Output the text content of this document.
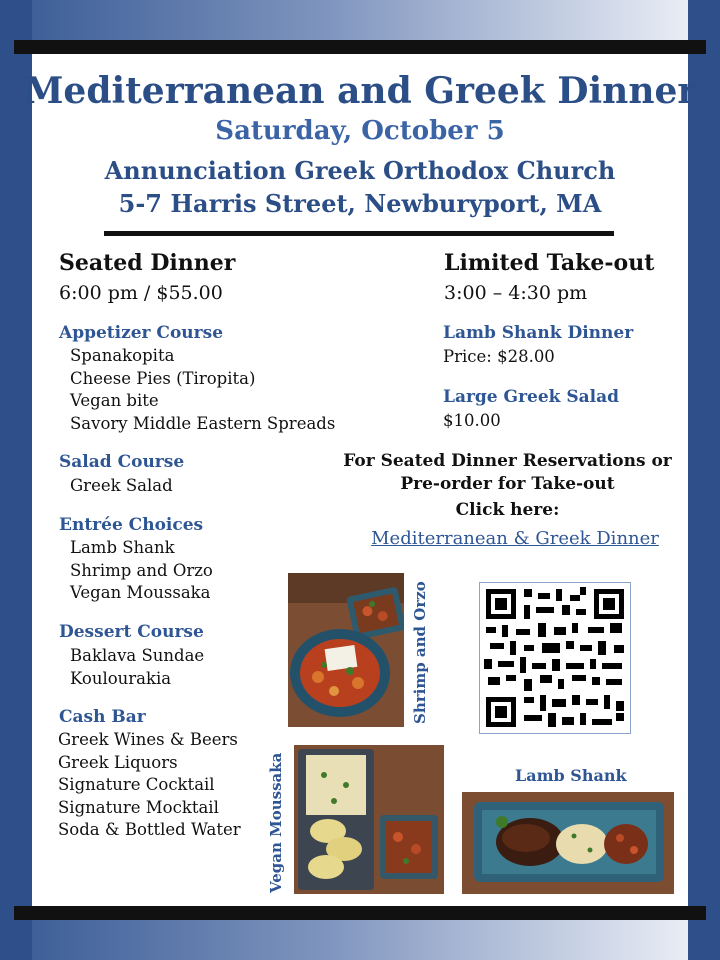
Mediterranean and Greek Dinner
Saturday, October 5
Annunciation Greek Orthodox Church
5-7 Harris Street, Newburyport, MA
Seated Dinner
6:00 pm / $55.00
Appetizer Course
Spanakopita
Cheese Pies (Tiropita)
Vegan bite
Savory Middle Eastern Spreads
Salad Course
Greek Salad
Entrée Choices
Lamb Shank
Shrimp and Orzo
Vegan Moussaka
Dessert Course
Baklava Sundae
Koulourakia
Cash Bar
Greek Wines & Beers
Greek Liquors
Signature Cocktail
Signature Mocktail
Soda & Bottled Water
Limited Take-out
3:00 – 4:30 pm
Lamb Shank Dinner
Price: $28.00
Large Greek Salad
$10.00
For Seated Dinner Reservations or
Pre-order for Take-out
Click here:
Mediterranean & Greek Dinner
Shrimp and Orzo
Vegan Moussaka	Lamb Shank
